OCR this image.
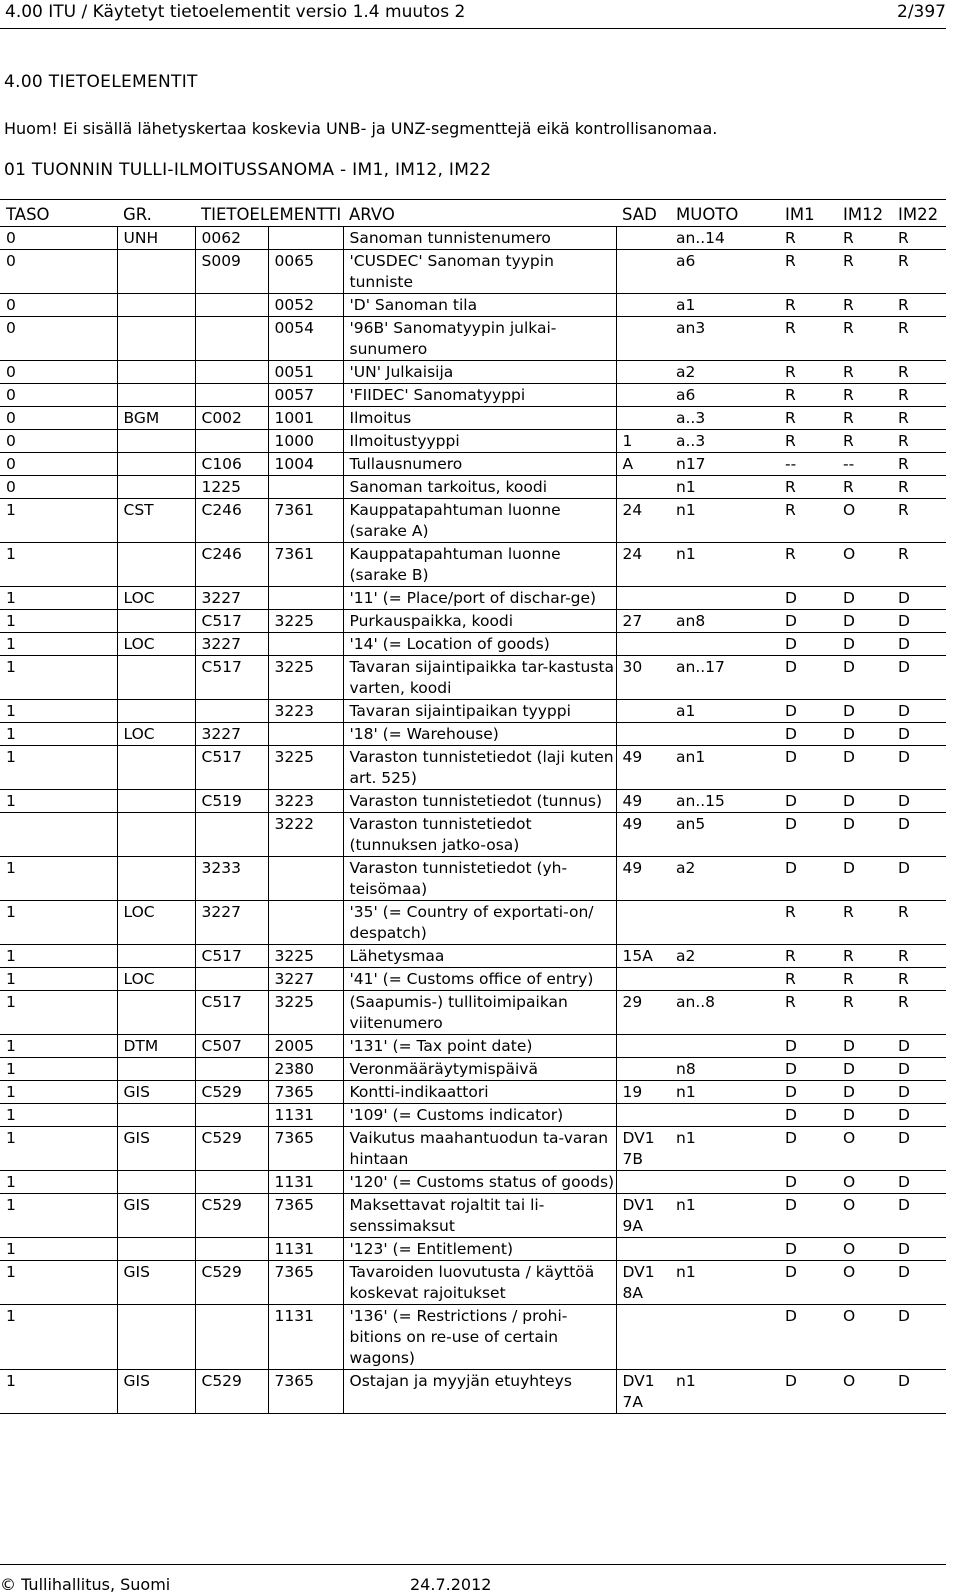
4.00 ITU / Käytetyt tietoelementit versio 1.4 muutos 2	2/397
4.00 TIETOELEMENTIT
Huom! Ei sisällä lähetyskertaa koskevia UNB- ja UNZ-segmenttejä eikä kontrollisanomaa.
01 TUONNIN TULLI-ILMOITUSSANOMA - IM1, IM12, IM22
TASO	GR.	TIETOELEMENTTI		ARVO	SAD	MUOTO	IM1	IM12	IM22
0	UNH	0062		Sanoman tunnistenumero		an..14	R	R	R
0		S009	0065	'CUSDEC' Sanoman tyypin tunniste		a6	R	R	R
0			0052	'D' Sanoman tila		a1	R	R	R
0			0054	'96B' Sanomatyypin julkai-sunumero		an3	R	R	R
0			0051	'UN' Julkaisija		a2	R	R	R
0			0057	'FIIDEC' Sanomatyyppi		a6	R	R	R
0	BGM	C002	1001	Ilmoitus		a..3	R	R	R
0			1000	Ilmoitustyyppi	1	a..3	R	R	R
0		C106	1004	Tullausnumero	A	n17	--	--	R
0		1225		Sanoman tarkoitus, koodi		n1	R	R	R
1	CST	C246	7361	Kauppatapahtuman luonne (sarake A)	24	n1	R	O	R
1		C246	7361	Kauppatapahtuman luonne (sarake B)	24	n1	R	O	R
1	LOC	3227		'11' (= Place/port of dischar-ge)			D	D	D
1		C517	3225	Purkauspaikka, koodi	27	an8	D	D	D
1	LOC	3227		'14' (= Location of goods)			D	D	D
1		C517	3225	Tavaran sijaintipaikka tar-kastusta varten, koodi	30	an..17	D	D	D
1			3223	Tavaran sijaintipaikan tyyppi		a1	D	D	D
1	LOC	3227		'18' (= Warehouse)			D	D	D
1		C517	3225	Varaston tunnistetiedot (laji kuten art. 525)	49	an1	D	D	D
1		C519	3223	Varaston tunnistetiedot (tunnus)	49	an..15	D	D	D
			3222	Varaston tunnistetiedot (tunnuksen jatko-osa)	49	an5	D	D	D
1		3233		Varaston tunnistetiedot (yh-teisömaa)	49	a2	D	D	D
1	LOC	3227		'35' (= Country of exportati-on/ despatch)			R	R	R
1		C517	3225	Lähetysmaa	15A	a2	R	R	R
1	LOC		3227	'41' (= Customs office of entry)			R	R	R
1		C517	3225	(Saapumis-) tullitoimipaikan viitenumero	29	an..8	R	R	R
1	DTM	C507	2005	'131' (= Tax point date)			D	D	D
1			2380	Veronmääräytymispäivä		n8	D	D	D
1	GIS	C529	7365	Kontti-indikaattori	19	n1	D	D	D
1			1131	'109' (= Customs indicator)			D	D	D
1	GIS	C529	7365	Vaikutus maahantuodun ta-varan hintaan	DV1 7B	n1	D	O	D
1			1131	'120' (= Customs status of goods)			D	O	D
1	GIS	C529	7365	Maksettavat rojaltit tai li-senssimaksut	DV1 9A	n1	D	O	D
1			1131	'123' (= Entitlement)			D	O	D
1	GIS	C529	7365	Tavaroiden luovutusta / käyttöä koskevat rajoitukset	DV1 8A	n1	D	O	D
1			1131	'136' (= Restrictions / prohi-bitions on re-use of certain wagons)			D	O	D
1	GIS	C529	7365	Ostajan ja myyjän etuyhteys	DV1 7A	n1	D	O	D
© Tullihallitus, Suomi	24.7.2012
